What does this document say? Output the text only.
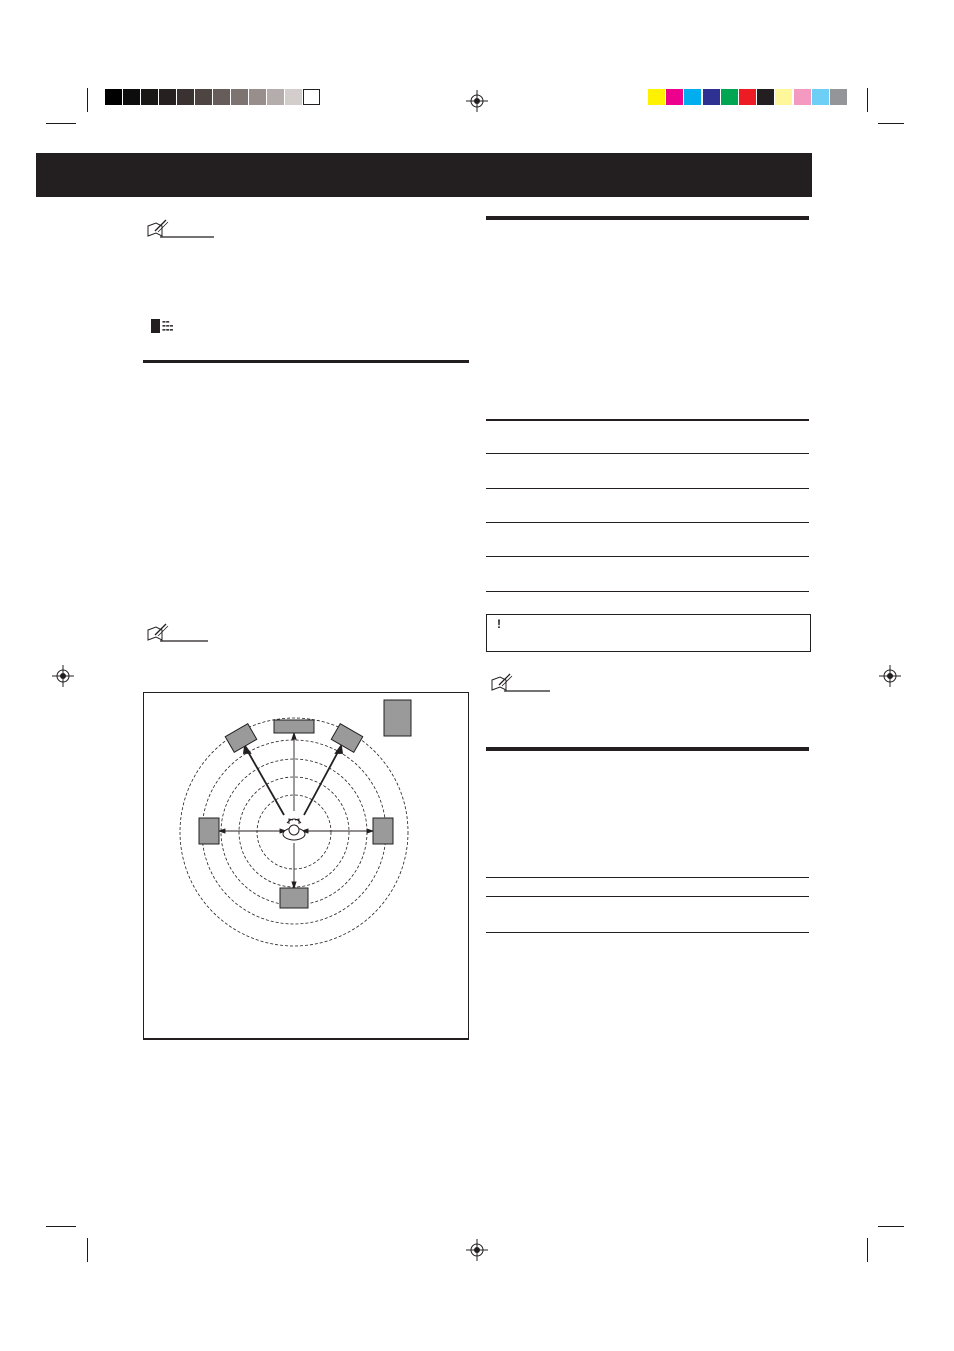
▬▬
▬▬▬
▬▬▬
!
